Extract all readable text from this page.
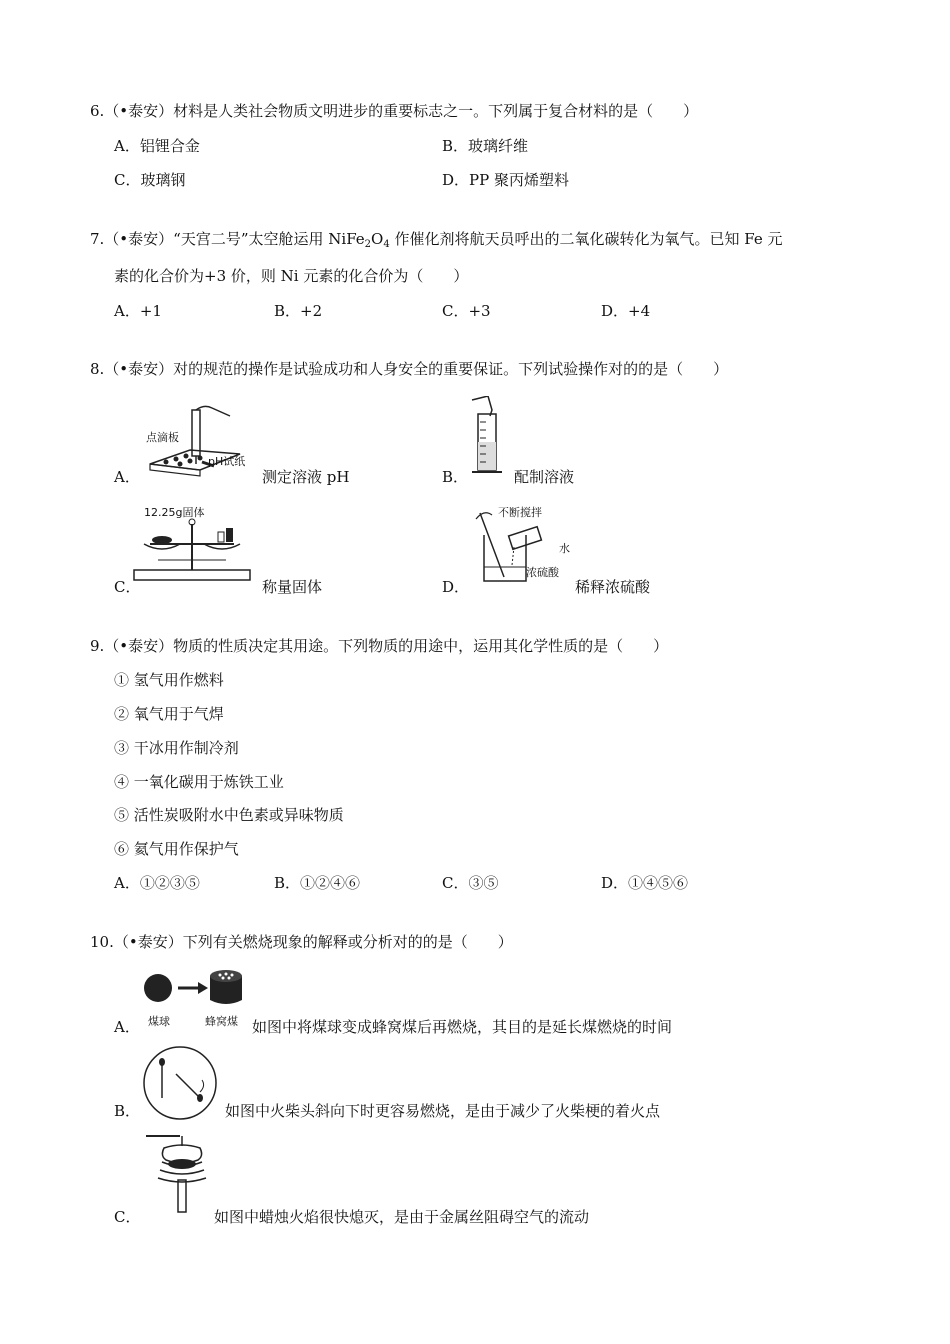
6.（•泰安）材料是人类社会物质文明进步的重要标志之一。下列属于复合材料的是（　　）
A．铝锂合金	B．玻璃纤维
C．玻璃钢	D．PP 聚丙烯塑料
7.（•泰安）“天宫二号”太空舱运用 $NiFe_2O_4$ 作催化剂将航天员呼出的二氧化碳转化为氧气。已知 Fe 元
素的化合价为+3 价，则 Ni 元素的化合价为（　　）
A．+1	B．+2	C．+3	D．+4
8.（•泰安）对的规范的操作是试验成功和人身安全的重要保证。下列试验操作对的的是（　　）
A．
点滴板
pH试纸
测定溶液 pH	B．	配制溶液
C．
12.25g固体
称量固体	D．
不断搅拌
水
浓硫酸
稀释浓硫酸
9.（•泰安）物质的性质决定其用途。下列物质的用途中，运用其化学性质的是（　　）
① 氢气用作燃料
② 氧气用于气焊
③ 干冰用作制冷剂
④ 一氧化碳用于炼铁工业
⑤ 活性炭吸附水中色素或异味物质
⑥ 氦气用作保护气
A．①②③⑤	B．①②④⑥	C．③⑤	D．①④⑤⑥
10.（•泰安）下列有关燃烧现象的解释或分析对的的是（　　）
A． 煤球	蜂窝煤 如图中将煤球变成蜂窝煤后再燃烧，其目的是延长煤燃烧的时间
B．	如图中火柴头斜向下时更容易燃烧，是由于减少了火柴梗的着火点
C．	如图中蜡烛火焰很快熄灭，是由于金属丝阻碍空气的流动
